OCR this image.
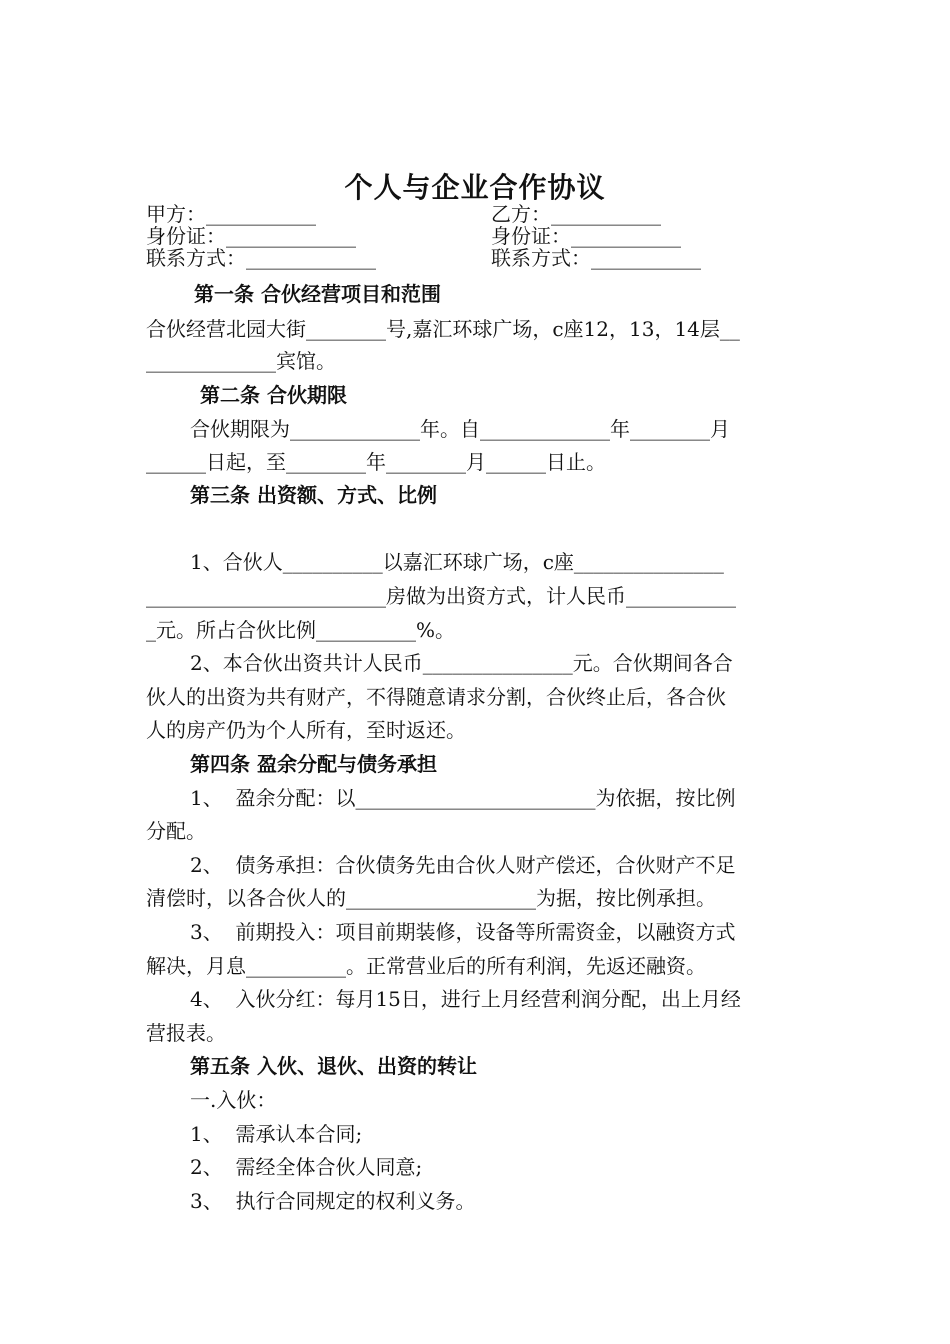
个人与企业合作协议
甲方：___________
身份证：_____________
联系方式：_____________
乙方：___________
身份证：___________
联系方式：___________
第一条 合伙经营项目和范围
合伙经营北园大街________号,嘉汇环球广场，c座12，13，14层__
_____________宾馆。
第二条 合伙期限
合伙期限为_____________年。自_____________年________月
______日起，至________年________月______日止。
第三条 出资额、方式、比例
1、合伙人__________以嘉汇环球广场，c座_______________
________________________房做为出资方式，计人民币___________
_元。所占合伙比例__________%。
2、本合伙出资共计人民币_______________元。合伙期间各合
伙人的出资为共有财产，不得随意请求分割，合伙终止后，各合伙
人的房产仍为个人所有，至时返还。
第四条 盈余分配与债务承担
1、  盈余分配：以________________________为依据，按比例
分配。
2、  债务承担：合伙债务先由合伙人财产偿还，合伙财产不足
清偿时，以各合伙人的___________________为据，按比例承担。
3、  前期投入：项目前期装修，设备等所需资金，以融资方式
解决，月息__________。正常营业后的所有利润，先返还融资。
4、  入伙分红：每月15日，进行上月经营利润分配，出上月经
营报表。
第五条 入伙、退伙、出资的转让
一.入伙：
1、  需承认本合同;
2、  需经全体合伙人同意;
3、  执行合同规定的权利义务。
